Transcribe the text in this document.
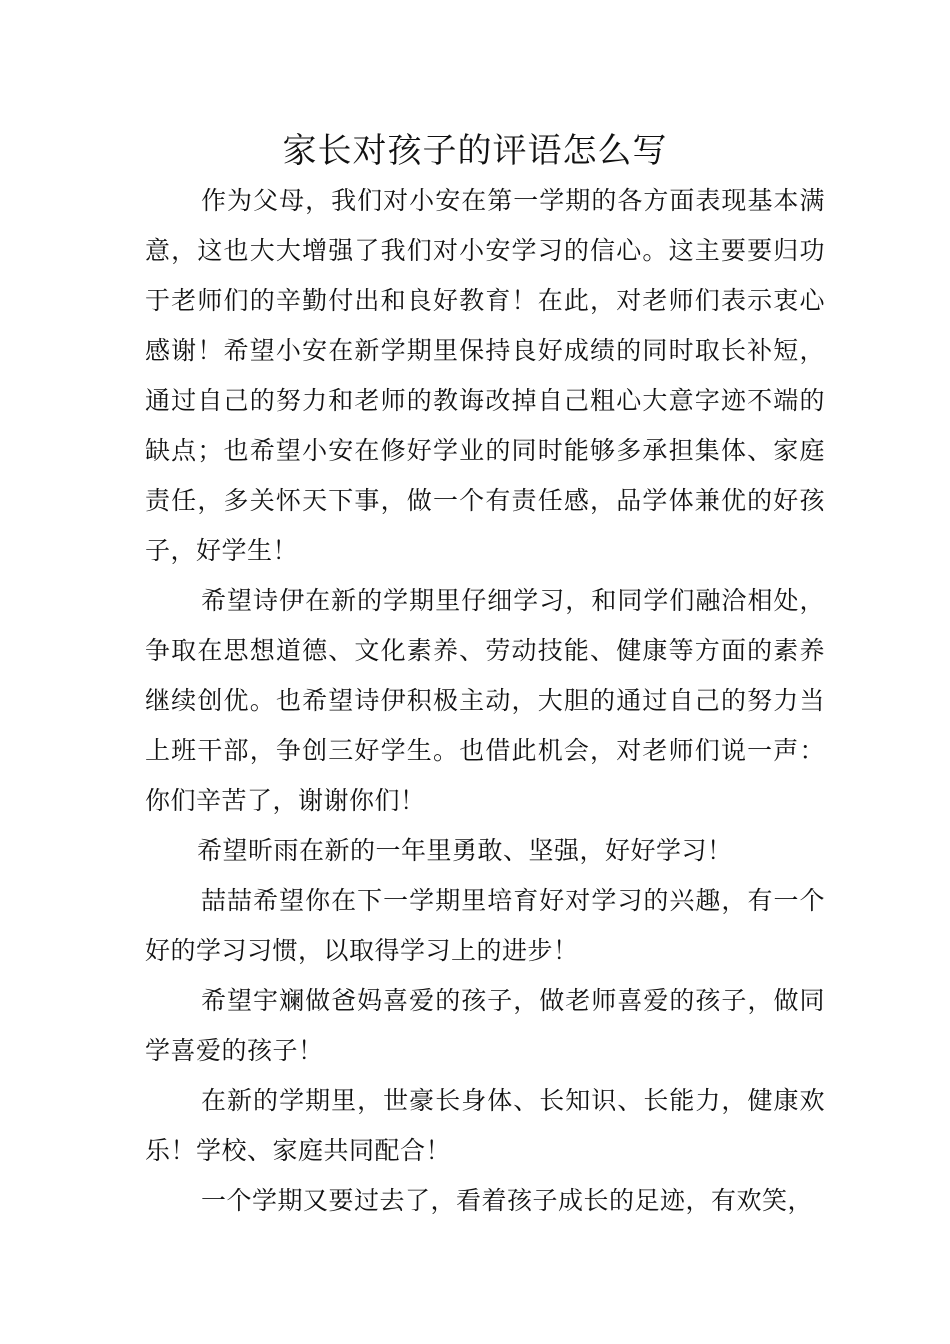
家长对孩子的评语怎么写

作为父母，我们对小安在第一学期的各方面表现基本满意，这也大大增强了我们对小安学习的信心。这主要要归功于老师们的辛勤付出和良好教育！在此，对老师们表示衷心感谢！希望小安在新学期里保持良好成绩的同时取长补短，通过自己的努力和老师的教诲改掉自己粗心大意字迹不端的缺点；也希望小安在修好学业的同时能够多承担集体、家庭责任，多关怀天下事，做一个有责任感，品学体兼优的好孩子，好学生！

希望诗伊在新的学期里仔细学习，和同学们融洽相处，争取在思想道德、文化素养、劳动技能、健康等方面的素养继续创优。也希望诗伊积极主动，大胆的通过自己的努力当上班干部，争创三好学生。也借此机会，对老师们说一声：你们辛苦了，谢谢你们！

希望昕雨在新的一年里勇敢、坚强，好好学习！

喆喆希望你在下一学期里培育好对学习的兴趣，有一个好的学习习惯，以取得学习上的进步！

希望宇斓做爸妈喜爱的孩子，做老师喜爱的孩子，做同学喜爱的孩子！

在新的学期里，世豪长身体、长知识、长能力，健康欢乐！学校、家庭共同配合！

一个学期又要过去了，看着孩子成长的足迹，有欢笑，
